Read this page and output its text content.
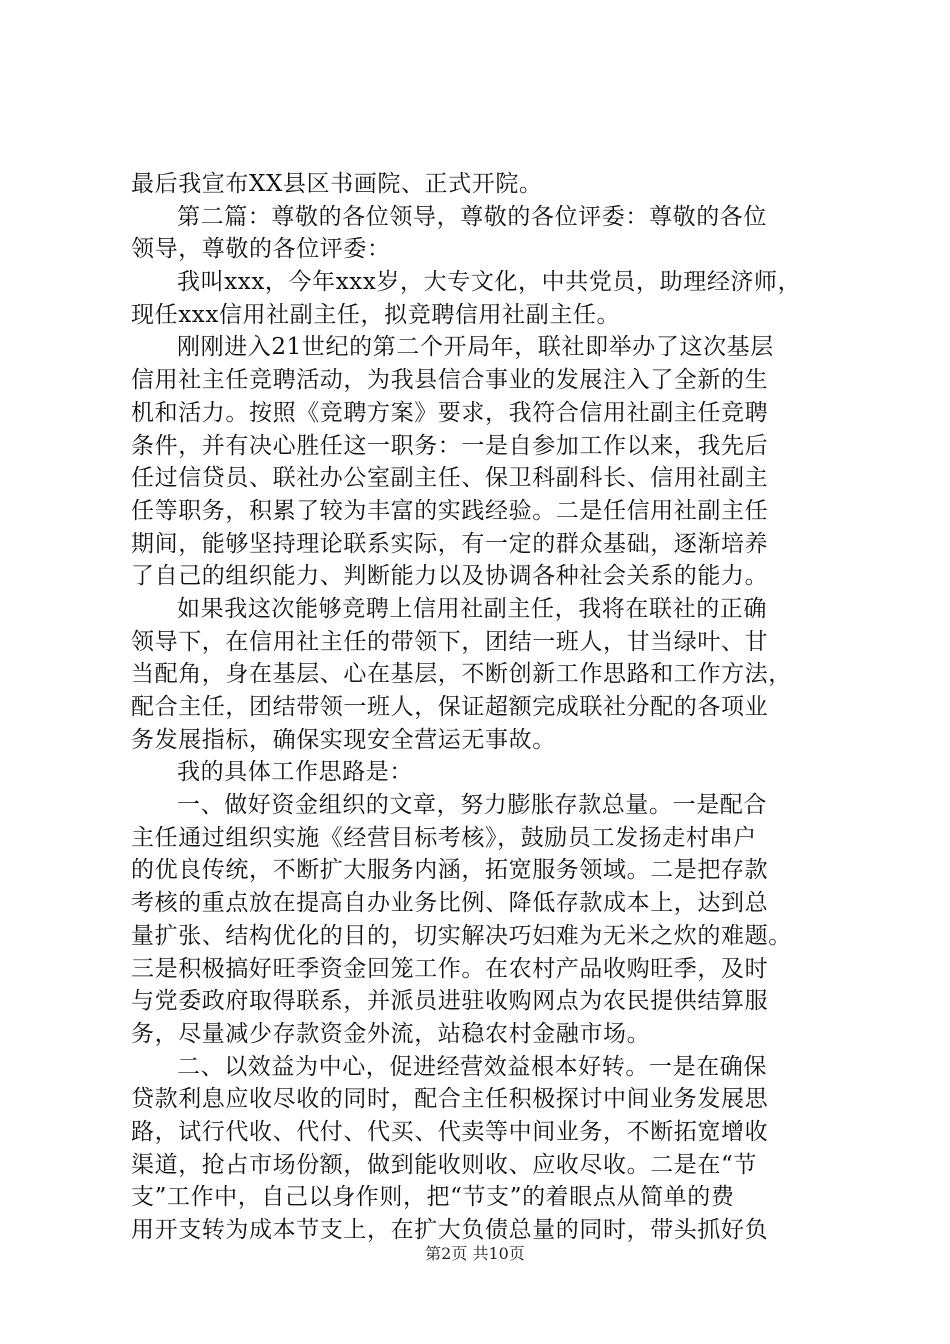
最后我宣布XX县区书画院、正式开院。
第二篇：尊敬的各位领导，尊敬的各位评委：尊敬的各位
领导，尊敬的各位评委：
我叫xxx，今年xxx岁，大专文化，中共党员，助理经济师，
现任xxx信用社副主任，拟竞聘信用社副主任。
刚刚进入21世纪的第二个开局年，联社即举办了这次基层
信用社主任竞聘活动，为我县信合事业的发展注入了全新的生
机和活力。按照《竞聘方案》要求，我符合信用社副主任竞聘
条件，并有决心胜任这一职务：一是自参加工作以来，我先后
任过信贷员、联社办公室副主任、保卫科副科长、信用社副主
任等职务，积累了较为丰富的实践经验。二是任信用社副主任
期间，能够坚持理论联系实际，有一定的群众基础，逐渐培养
了自己的组织能力、判断能力以及协调各种社会关系的能力。
如果我这次能够竞聘上信用社副主任，我将在联社的正确
领导下，在信用社主任的带领下，团结一班人，甘当绿叶、甘
当配角，身在基层、心在基层，不断创新工作思路和工作方法，
配合主任，团结带领一班人，保证超额完成联社分配的各项业
务发展指标，确保实现安全营运无事故。
我的具体工作思路是：
一、做好资金组织的文章，努力膨胀存款总量。一是配合
主任通过组织实施《经营目标考核》，鼓励员工发扬走村串户
的优良传统，不断扩大服务内涵，拓宽服务领域。二是把存款
考核的重点放在提高自办业务比例、降低存款成本上，达到总
量扩张、结构优化的目的，切实解决巧妇难为无米之炊的难题。
三是积极搞好旺季资金回笼工作。在农村产品收购旺季，及时
与党委政府取得联系，并派员进驻收购网点为农民提供结算服
务，尽量减少存款资金外流，站稳农村金融市场。
二、以效益为中心，促进经营效益根本好转。一是在确保
贷款利息应收尽收的同时，配合主任积极探讨中间业务发展思
路，试行代收、代付、代买、代卖等中间业务，不断拓宽增收
渠道，抢占市场份额，做到能收则收、应收尽收。二是在“节
支”工作中，自己以身作则，把“节支”的着眼点从简单的费
用开支转为成本节支上，在扩大负债总量的同时，带头抓好负
第2页 共10页
